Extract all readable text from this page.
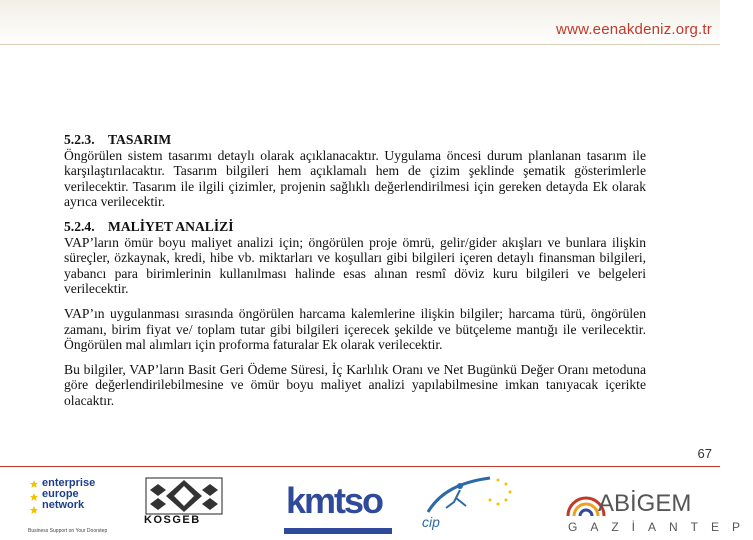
www.eenakdeniz.org.tr
5.2.3. TASARIM

Öngörülen sistem tasarımı detaylı olarak açıklanacaktır. Uygulama öncesi durum planlanan tasarım ile karşılaştırılacaktır. Tasarım bilgileri hem açıklamalı hem de çizim şeklinde şematik gösterimlerle verilecektir. Tasarım ile ilgili çizimler, projenin sağlıklı değerlendirilmesi için gereken detayda Ek olarak ayrıca verilecektir.

5.2.4. MALİYET ANALİZİ

VAP’ların ömür boyu maliyet analizi için; öngörülen proje ömrü, gelir/gider akışları ve bunlara ilişkin süreçler, özkaynak, kredi, hibe vb. miktarları ve koşulları gibi bilgileri içeren detaylı finansman bilgileri, yabancı para birimlerinin kullanılması halinde esas alınan resmî döviz kuru bilgileri ve belgeleri verilecektir.

VAP’ın uygulanması sırasında öngörülen harcama kalemlerine ilişkin bilgiler; harcama türü, öngörülen zamanı, birim fiyat ve/ toplam tutar gibi bilgileri içerecek şekilde ve bütçeleme mantığı ile verilecektir. Öngörülen mal alımları için proforma faturalar Ek olarak verilecektir.

Bu bilgiler, VAP’ların Basit Geri Ödeme Süresi, İç Karlılık Oranı ve Net Bugünkü Değer Oranı metoduna göre değerlendirilebilmesine ve ömür boyu maliyet analizi yapılabilmesine imkan tanıyacak içerikte olacaktır.

67
enterprise
europe
network
Business Support on Your Doorstep
KOSGEB kmtso
cip
ABİGEM
GAZİANTEP
